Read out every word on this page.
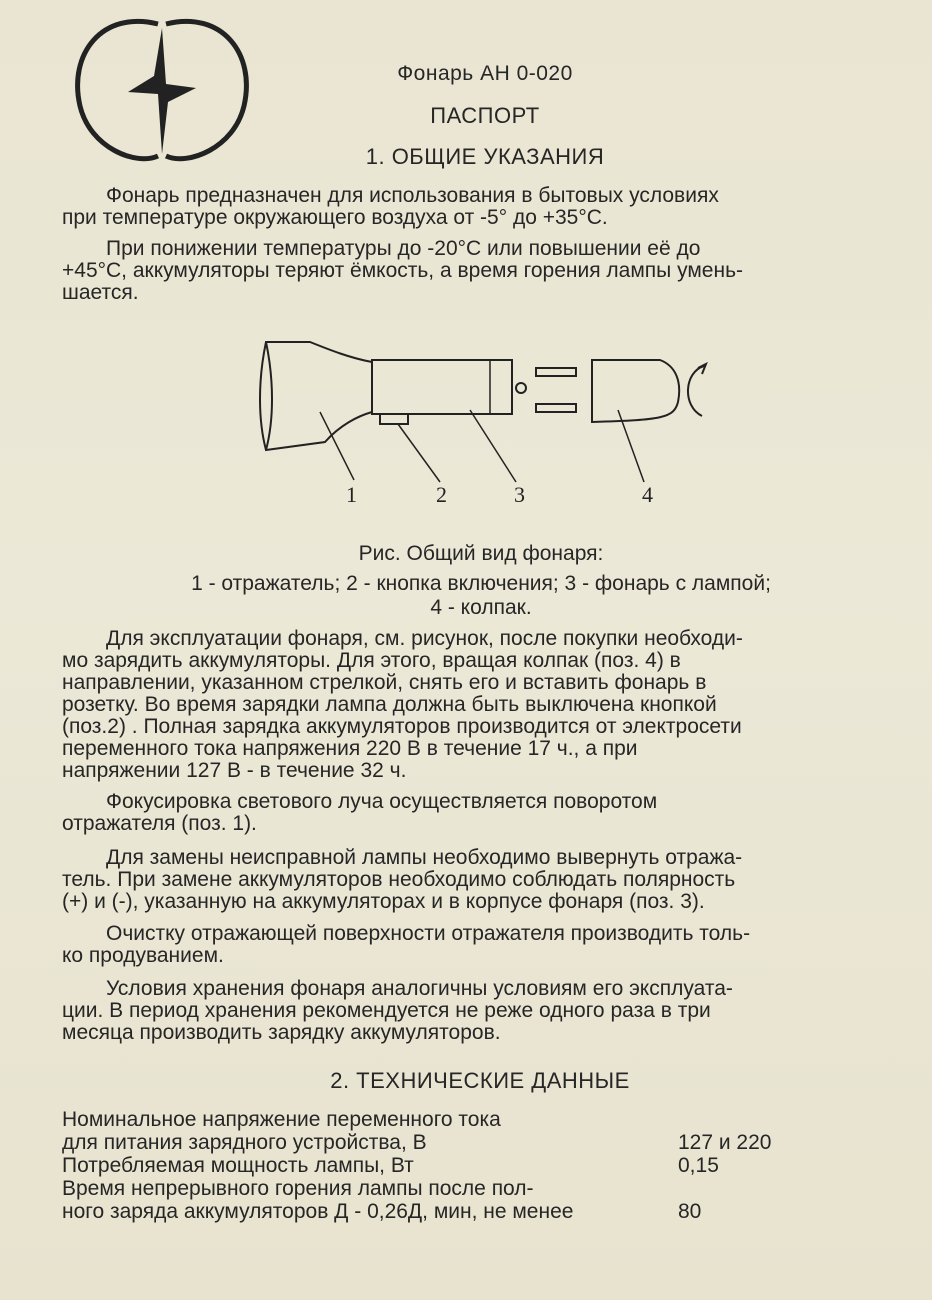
Фонарь АН 0-020
ПАСПОРТ
1. ОБЩИЕ УКАЗАНИЯ
Фонарь предназначен для использования в бытовых условиях
при температуре окружающего воздуха от -5° до +35°С.
При понижении температуры до -20°С или повышении её до
+45°С, аккумуляторы теряют ёмкость, а время горения лампы умень-
шается.
1	2	3	4
Рис. Общий вид фонаря:
1 - отражатель; 2 - кнопка включения; 3 - фонарь с лампой;
4 - колпак.
Для эксплуатации фонаря, см. рисунок, после покупки необходи-
мо зарядить аккумуляторы. Для этого, вращая колпак (поз. 4) в
направлении, указанном стрелкой, снять его и вставить фонарь в
розетку. Во время зарядки лампа должна быть выключена кнопкой
(поз.2) . Полная зарядка аккумуляторов производится от электросети
переменного тока напряжения 220 В в течение 17 ч., а при
напряжении 127 В - в течение 32 ч.
Фокусировка светового луча осуществляется поворотом
отражателя (поз. 1).
Для замены неисправной лампы необходимо вывернуть отража-
тель. При замене аккумуляторов необходимо соблюдать полярность
(+) и (-), указанную на аккумуляторах и в корпусе фонаря (поз. 3).
Очистку отражающей поверхности отражателя производить толь-
ко продуванием.
Условия хранения фонаря аналогичны условиям его эксплуата-
ции. В период хранения рекомендуется не реже одного раза в три
месяца производить зарядку аккумуляторов.
2. ТЕХНИЧЕСКИЕ ДАННЫЕ
Номинальное напряжение переменного тока
для питания зарядного устройства, В	127 и 220
Потребляемая мощность лампы, Вт	0,15
Время непрерывного горения лампы после пол-
ного заряда аккумуляторов Д - 0,26Д, мин, не менее	80
